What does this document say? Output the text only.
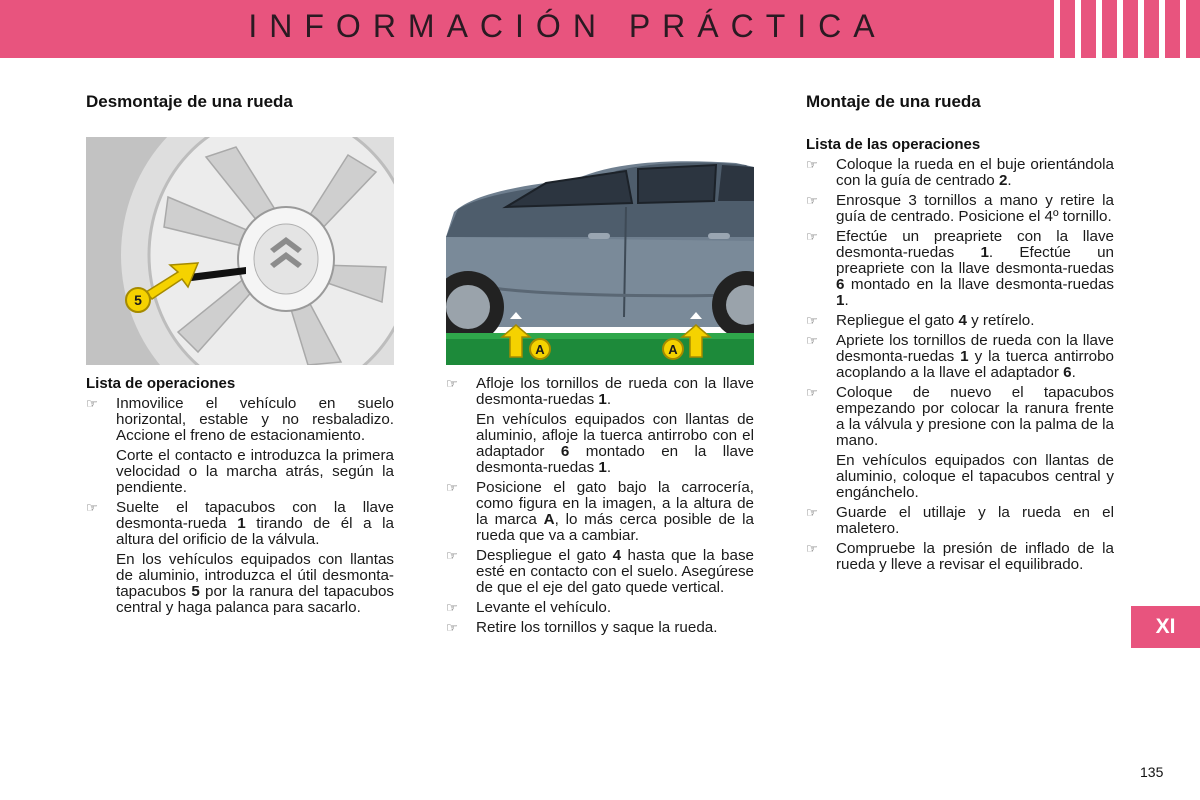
INFORMACIÓN PRÁCTICA
Desmontaje de una rueda
5
Lista de operaciones
☞ Inmovilice el vehículo en suelo horizontal, estable y no resbaladizo. Accione el freno de estacionamiento.
Corte el contacto e introduzca la primera velocidad o la marcha atrás, según la pendiente.
☞ Suelte el tapacubos con la llave desmonta-rueda 1 tirando de él a la altura del orificio de la válvula.
En los vehículos equipados con llantas de aluminio, introduzca el útil desmonta-tapacubos 5 por la ranura del tapacubos central y haga palanca para sacarlo.
A	A
☞ Afloje los tornillos de rueda con la llave desmonta-ruedas 1.
En vehículos equipados con llantas de aluminio, afloje la tuerca antirrobo con el adaptador 6 montado en la llave desmonta-ruedas 1.
☞ Posicione el gato bajo la carrocería, como figura en la imagen, a la altura de la marca A, lo más cerca posible de la rueda que va a cambiar.
☞ Despliegue el gato 4 hasta que la base esté en contacto con el suelo. Asegúrese de que el eje del gato quede vertical.
☞ Levante el vehículo.
☞ Retire los tornillos y saque la rueda.
Montaje de una rueda
Lista de las operaciones
☞ Coloque la rueda en el buje orientándola con la guía de centrado 2.
☞ Enrosque 3 tornillos a mano y retire la guía de centrado. Posicione el 4º tornillo.
☞ Efectúe un preapriete con la llave desmonta-ruedas 1. Efectúe un preapriete con la llave desmonta-ruedas 6 montado en la llave desmonta-ruedas 1.
☞ Repliegue el gato 4 y retírelo.
☞ Apriete los tornillos de rueda con la llave desmonta-ruedas 1 y la tuerca antirrobo acoplando a la llave el adaptador 6.
☞ Coloque de nuevo el tapacubos empezando por colocar la ranura frente a la válvula y presione con la palma de la mano.
En vehículos equipados con llantas de aluminio, coloque el tapacubos central y engánchelo.
☞ Guarde el utillaje y la rueda en el maletero.
☞ Compruebe la presión de inflado de la rueda y lleve a revisar el equilibrado.
XI
135
